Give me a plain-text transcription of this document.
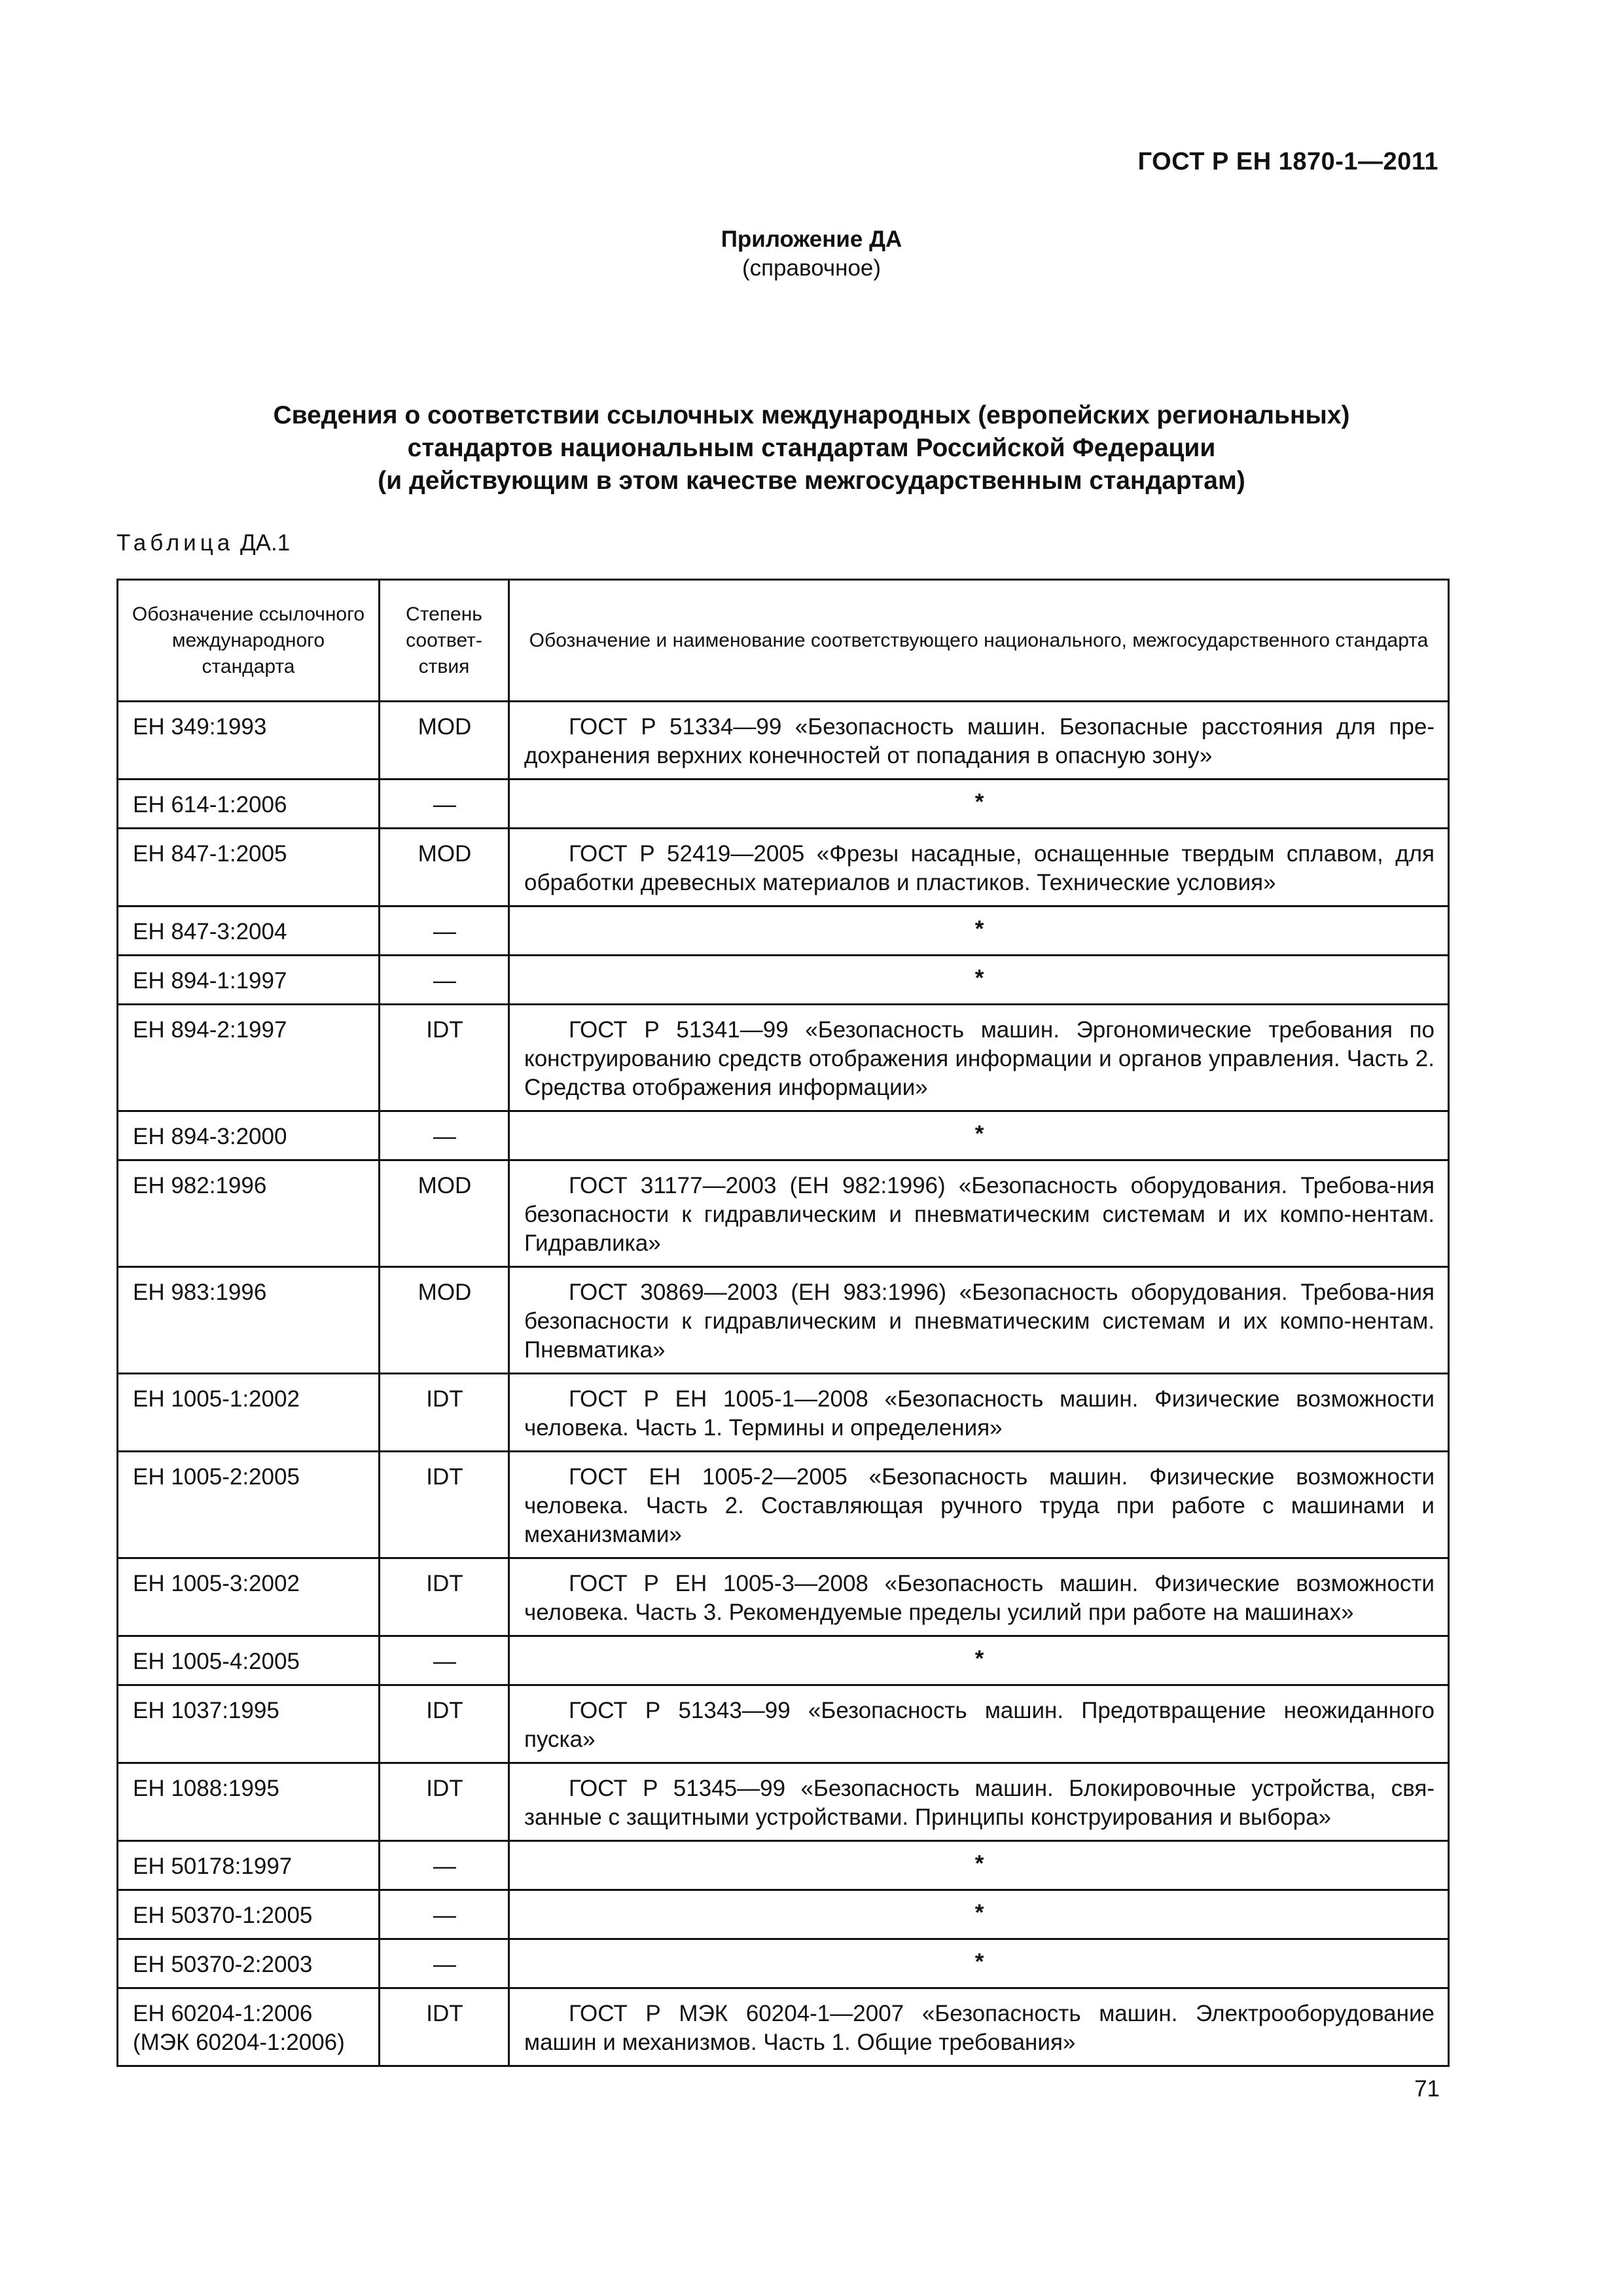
ГОСТ Р ЕН 1870-1—2011
Приложение ДА
(справочное)
Сведения о соответствии ссылочных международных (европейских региональных)
стандартов национальным стандартам Российской Федерации
(и действующим в этом качестве межгосударственным стандартам)
Таблица ДА.1
Обозначение ссылочного международного стандарта	Степень соответ-ствия	Обозначение и наименование соответствующего национального, межгосударственного стандарта

ЕН 349:1993	MOD	ГОСТ Р 51334—99 «Безопасность машин. Безопасные расстояния для пре-дохранения верхних конечностей от попадания в опасную зону»

ЕН 614-1:2006	—	*

ЕН 847-1:2005	MOD	ГОСТ Р 52419—2005 «Фрезы насадные, оснащенные твердым сплавом, для обработки древесных материалов и пластиков. Технические условия»

ЕН 847-3:2004	—	*

ЕН 894-1:1997	—	*

ЕН 894-2:1997	IDT	ГОСТ Р 51341—99 «Безопасность машин. Эргономические требования по конструированию средств отображения информации и органов управления. Часть 2. Средства отображения информации»

ЕН 894-3:2000	—	*

ЕН 982:1996	MOD	ГОСТ 31177—2003 (ЕН 982:1996) «Безопасность оборудования. Требова-ния безопасности к гидравлическим и пневматическим системам и их компо-нентам. Гидравлика»

ЕН 983:1996	MOD	ГОСТ 30869—2003 (ЕН 983:1996) «Безопасность оборудования. Требова-ния безопасности к гидравлическим и пневматическим системам и их компо-нентам. Пневматика»

ЕН 1005-1:2002	IDT	ГОСТ Р ЕН 1005-1—2008 «Безопасность машин. Физические возможности человека. Часть 1. Термины и определения»

ЕН 1005-2:2005	IDT	ГОСТ ЕН 1005-2—2005 «Безопасность машин. Физические возможности человека. Часть 2. Составляющая ручного труда при работе с машинами и механизмами»

ЕН 1005-3:2002	IDT	ГОСТ Р ЕН 1005-3—2008 «Безопасность машин. Физические возможности человека. Часть 3. Рекомендуемые пределы усилий при работе на машинах»

ЕН 1005-4:2005	—	*

ЕН 1037:1995	IDT	ГОСТ Р 51343—99 «Безопасность машин. Предотвращение неожиданного пуска»

ЕН 1088:1995	IDT	ГОСТ Р 51345—99 «Безопасность машин. Блокировочные устройства, свя-занные с защитными устройствами. Принципы конструирования и выбора»

ЕН 50178:1997	—	*

ЕН 50370-1:2005	—	*

ЕН 50370-2:2003	—	*

ЕН 60204-1:2006
(МЭК 60204-1:2006)	IDT	ГОСТ Р МЭК 60204-1—2007 «Безопасность машин. Электрооборудование машин и механизмов. Часть 1. Общие требования»
71
